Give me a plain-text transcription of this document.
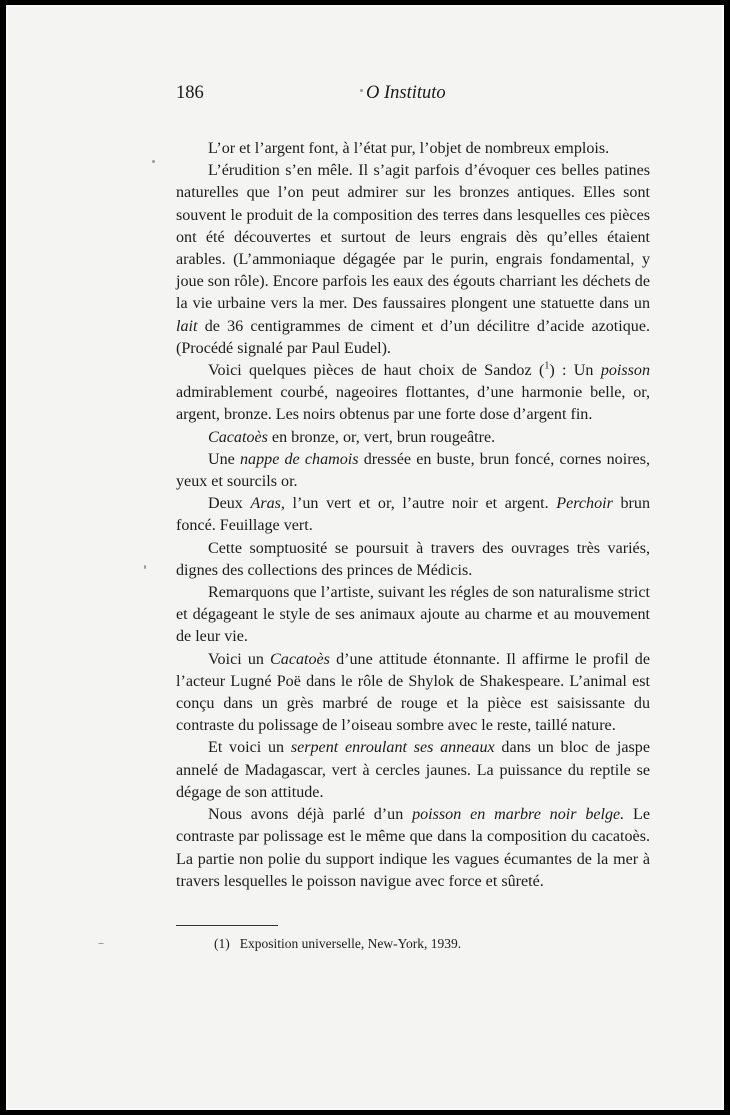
186	O Instituto

L’or et l’argent font, à l’état pur, l’objet de nombreux emplois.

L’érudition s’en mêle. Il s’agit parfois d’évoquer ces belles patines naturelles que l’on peut admirer sur les bronzes antiques. Elles sont souvent le produit de la composition des terres dans lesquelles ces pièces ont été découvertes et surtout de leurs engrais dès qu’elles étaient arables. (L’ammoniaque dégagée par le purin, engrais fondamental, y joue son rôle). Encore parfois les eaux des égouts charriant les déchets de la vie urbaine vers la mer. Des faussaires plongent une statuette dans un lait de 36 centigrammes de ciment et d’un décilitre d’acide azotique. (Procédé signalé par Paul Eudel).

Voici quelques pièces de haut choix de Sandoz ($^1$) : Un poisson admirablement courbé, nageoires flottantes, d’une harmonie belle, or, argent, bronze. Les noirs obtenus par une forte dose d’argent fin.

Cacatoès en bronze, or, vert, brun rougeâtre.

Une nappe de chamois dressée en buste, brun foncé, cornes noires, yeux et sourcils or.

Deux Aras, l’un vert et or, l’autre noir et argent. Perchoir brun foncé. Feuillage vert.

Cette somptuosité se poursuit à travers des ouvrages très variés, dignes des collections des princes de Médicis.

Remarquons que l’artiste, suivant les régles de son naturalisme strict et dégageant le style de ses animaux ajoute au charme et au mouvement de leur vie.

Voici un Cacatoès d’une attitude étonnante. Il affirme le profil de l’acteur Lugné Poë dans le rôle de Shylok de Shakespeare. L’animal est conçu dans un grès marbré de rouge et la pièce est saisissante du contraste du polissage de l’oiseau sombre avec le reste, taillé nature.

Et voici un serpent enroulant ses anneaux dans un bloc de jaspe annelé de Madagascar, vert à cercles jaunes. La puissance du reptile se dégage de son attitude.

Nous avons déjà parlé d’un poisson en marbre noir belge. Le contraste par polissage est le même que dans la composition du cacatoès. La partie non polie du support indique les vagues écumantes de la mer à travers lesquelles le poisson navigue avec force et sûreté.

(1) Exposition universelle, New-York, 1939.
